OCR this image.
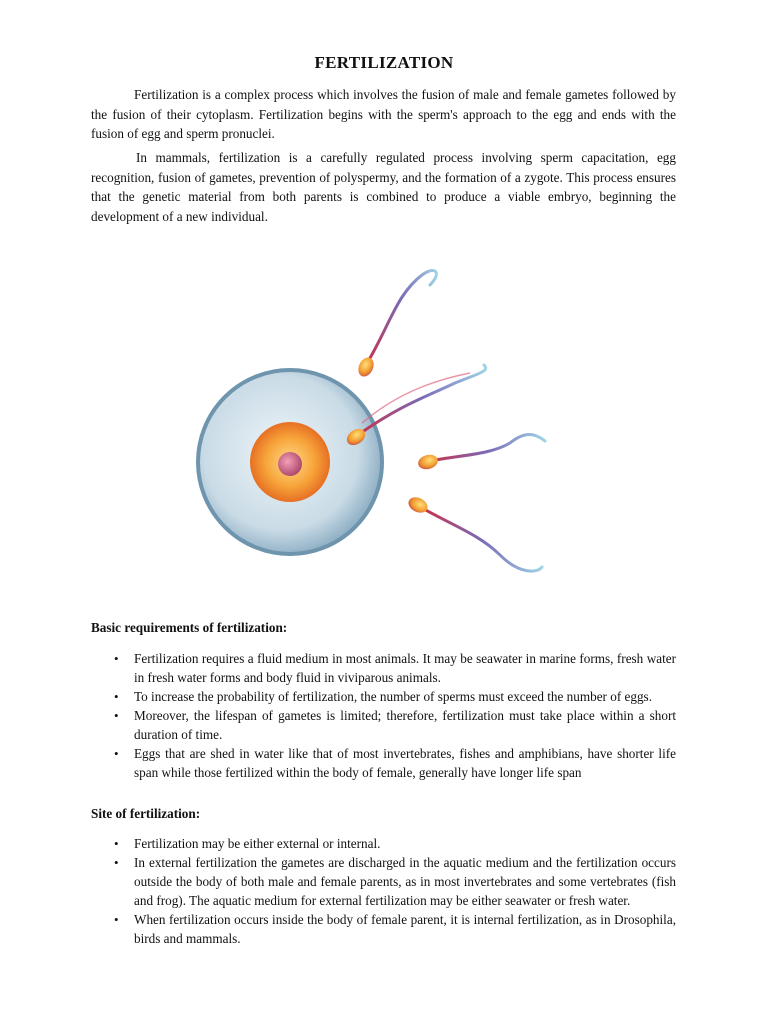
FERTILIZATION

Fertilization is a complex process which involves the fusion of male and female gametes followed by the fusion of their cytoplasm. Fertilization begins with the sperm's approach to the egg and ends with the fusion of egg and sperm pronuclei.

In mammals, fertilization is a carefully regulated process involving sperm capacitation, egg recognition, fusion of gametes, prevention of polyspermy, and the formation of a zygote. This process ensures that the genetic material from both parents is combined to produce a viable embryo, beginning the development of a new individual.

Basic requirements of fertilization:

• Fertilization requires a fluid medium in most animals. It may be seawater in marine forms, fresh water in fresh water forms and body fluid in viviparous animals.
• To increase the probability of fertilization, the number of sperms must exceed the number of eggs.
• Moreover, the lifespan of gametes is limited; therefore, fertilization must take place within a short duration of time.
• Eggs that are shed in water like that of most invertebrates, fishes and amphibians, have shorter life span while those fertilized within the body of female, generally have longer life span

Site of fertilization:

• Fertilization may be either external or internal.
• In external fertilization the gametes are discharged in the aquatic medium and the fertilization occurs outside the body of both male and female parents, as in most invertebrates and some vertebrates (fish and frog). The aquatic medium for external fertilization may be either seawater or fresh water.
• When fertilization occurs inside the body of female parent, it is internal fertilization, as in Drosophila, birds and mammals.
